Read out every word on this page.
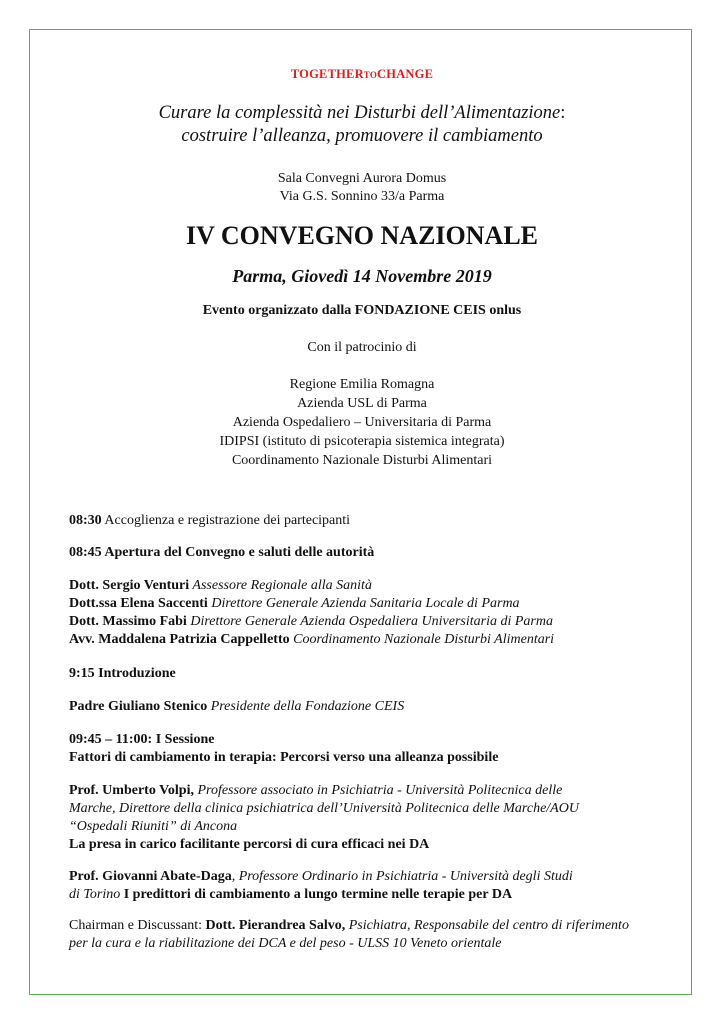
TOGETHERTOCHANGE
Curare la complessità nei Disturbi dell’Alimentazione:
costruire l’alleanza, promuovere il cambiamento
Sala Convegni Aurora Domus
Via G.S. Sonnino 33/a Parma
IV CONVEGNO NAZIONALE
Parma, Giovedì 14 Novembre 2019
Evento organizzato dalla FONDAZIONE CEIS onlus
Con il patrocinio di
Regione Emilia Romagna
Azienda USL di Parma
Azienda Ospedaliero – Universitaria di Parma
IDIPSI (istituto di psicoterapia sistemica integrata)
Coordinamento Nazionale Disturbi Alimentari
08:30 Accoglienza e registrazione dei partecipanti
08:45 Apertura del Convegno e saluti delle autorità
Dott. Sergio Venturi Assessore Regionale alla Sanità
Dott.ssa Elena Saccenti Direttore Generale Azienda Sanitaria Locale di Parma
Dott. Massimo Fabi Direttore Generale Azienda Ospedaliera Universitaria di Parma
Avv. Maddalena Patrizia Cappelletto Coordinamento Nazionale Disturbi Alimentari
9:15 Introduzione
Padre Giuliano Stenico Presidente della Fondazione CEIS
09:45 – 11:00: I Sessione
Fattori di cambiamento in terapia: Percorsi verso una alleanza possibile
Prof. Umberto Volpi, Professore associato in Psichiatria - Università Politecnica delle
Marche, Direttore della clinica psichiatrica dell’Università Politecnica delle Marche/AOU
“Ospedali Riuniti” di Ancona
La presa in carico facilitante percorsi di cura efficaci nei DA
Prof. Giovanni Abate-Daga, Professore Ordinario in Psichiatria - Università degli Studi
di Torino I predittori di cambiamento a lungo termine nelle terapie per DA
Chairman e Discussant: Dott. Pierandrea Salvo, Psichiatra, Responsabile del centro di riferimento
per la cura e la riabilitazione dei DCA e del peso - ULSS 10 Veneto orientale
